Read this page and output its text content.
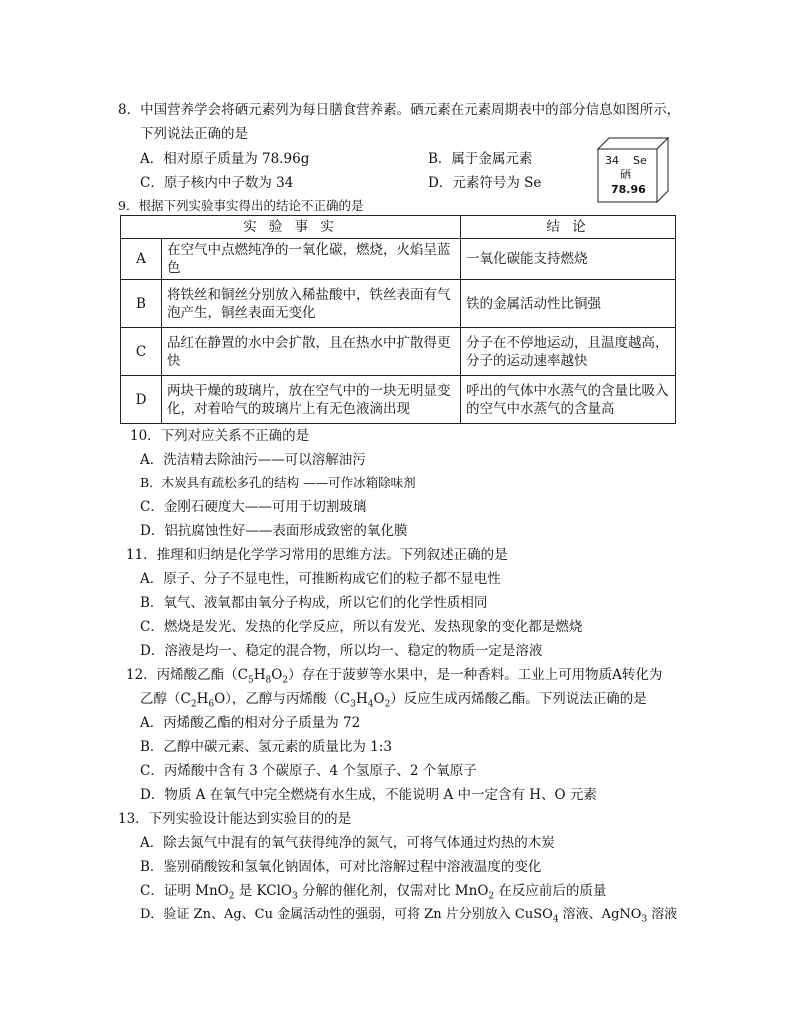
8．中国营养学会将硒元素列为每日膳食营养素。硒元素在元素周期表中的部分信息如图所示，
下列说法正确的是
A．相对原子质量为 78.96g	B．属于金属元素
C．原子核内中子数为 34	D．元素符号为 Se
34 Se
硒
78.96
9．根据下列实验事实得出的结论不正确的是
实 验 事 实		结 论
A	在空气中点燃纯净的一氧化碳，燃烧，火焰呈蓝色	一氧化碳能支持燃烧
B	将铁丝和铜丝分别放入稀盐酸中，铁丝表面有气泡产生，铜丝表面无变化	铁的金属活动性比铜强
C	品红在静置的水中会扩散，且在热水中扩散得更快	分子在不停地运动，且温度越高，分子的运动速率越快
D	两块干燥的玻璃片，放在空气中的一块无明显变化，对着哈气的玻璃片上有无色液滴出现	呼出的气体中水蒸气的含量比吸入的空气中水蒸气的含量高
10．下列对应关系不正确的是
A．洗洁精去除油污——可以溶解油污
B．木炭具有疏松多孔的结构 ——可作冰箱除味剂
C．金刚石硬度大——可用于切割玻璃
D．铝抗腐蚀性好——表面形成致密的氧化膜
11．推理和归纳是化学学习常用的思维方法。下列叙述正确的是
A．原子、分子不显电性，可推断构成它们的粒子都不显电性
B．氧气、液氧都由氧分子构成，所以它们的化学性质相同
C．燃烧是发光、发热的化学反应，所以有发光、发热现象的变化都是燃烧
D．溶液是均一、稳定的混合物，所以均一、稳定的物质一定是溶液
12．丙烯酸乙酯$(C_5H_8O_2)$存在于菠萝等水果中，是一种香料。工业上可用物质A转化为
乙醇$(C_2H_6O)$，乙醇与丙烯酸$(C_3H_4O_2)$反应生成丙烯酸乙酯。下列说法正确的是
A．丙烯酸乙酯的相对分子质量为 72
B．乙醇中碳元素、氢元素的质量比为 1:3
C．丙烯酸中含有 3 个碳原子、4 个氢原子、2 个氧原子
D．物质 A 在氧气中完全燃烧有水生成，不能说明 A 中一定含有 H、O 元素
13．下列实验设计能达到实验目的的是
A．除去氮气中混有的氧气获得纯净的氮气，可将气体通过灼热的木炭
B．鉴别硝酸铵和氢氧化钠固体，可对比溶解过程中溶液温度的变化
C．证明 MnO$_2$ 是 KClO$_3$ 分解的催化剂，仅需对比 MnO$_2$ 在反应前后的质量
D．验证 Zn、Ag、Cu 金属活动性的强弱，可将 Zn 片分别放入 CuSO$_4$ 溶液、AgNO$_3$ 溶液
